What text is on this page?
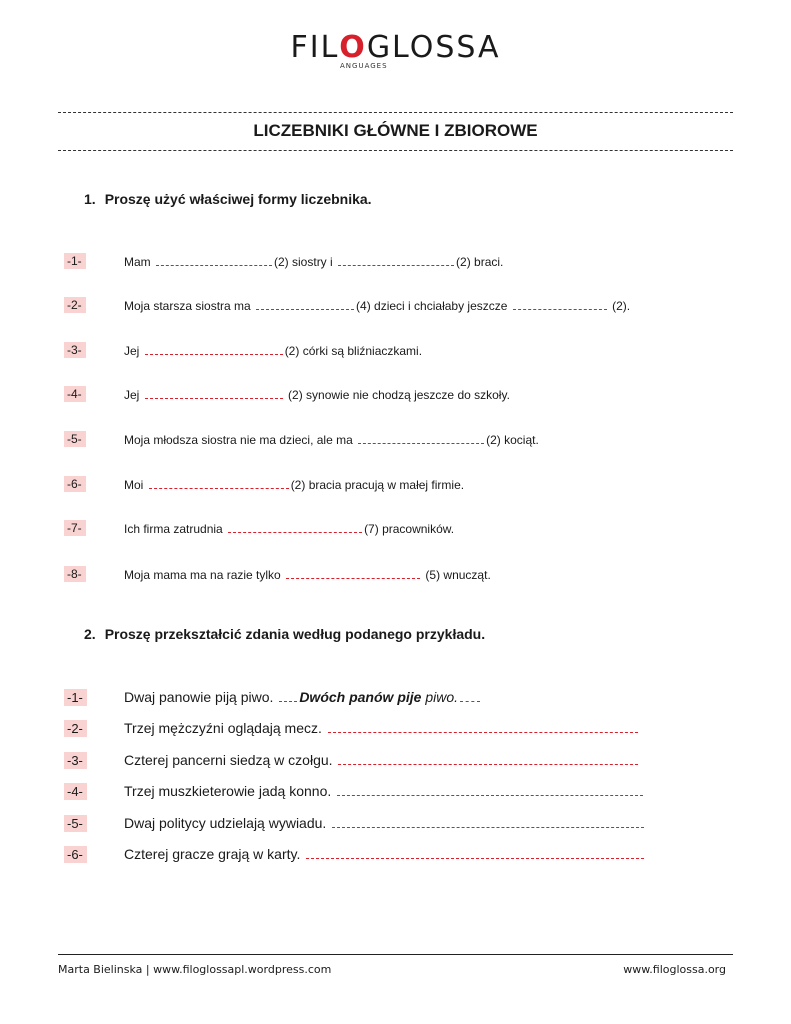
FILOGLOSSA
ANGUAGES
LICZEBNIKI GŁÓWNE I ZBIOROWE
1. Proszę użyć właściwej formy liczebnika.
-1-	Mam	(2) siostry i	(2) braci.
-2-	Moja starsza siostra ma	(4) dzieci i chciałaby jeszcze	(2).
-3-	Jej	(2) córki są bliźniaczkami.
-4-	Jej	(2) synowie nie chodzą jeszcze do szkoły.
-5-	Moja młodsza siostra nie ma dzieci, ale ma	(2) kociąt.
-6-	Moi	(2) bracia pracują w małej firmie.
-7-	Ich firma zatrudnia	(7) pracowników.
-8-	Moja mama ma na razie tylko	(5) wnucząt.
2. Proszę przekształcić zdania według podanego przykładu.
-1-	Dwaj panowie piją piwo. Dwóch panów pije piwo.
-2-	Trzej mężczyźni oglądają mecz.
-3-	Czterej pancerni siedzą w czołgu.
-4-	Trzej muszkieterowie jadą konno.
-5-	Dwaj politycy udzielają wywiadu.
-6-	Czterej gracze grają w karty.
Marta Bielinska | www.filoglossapl.wordpress.com	www.filoglossa.org
